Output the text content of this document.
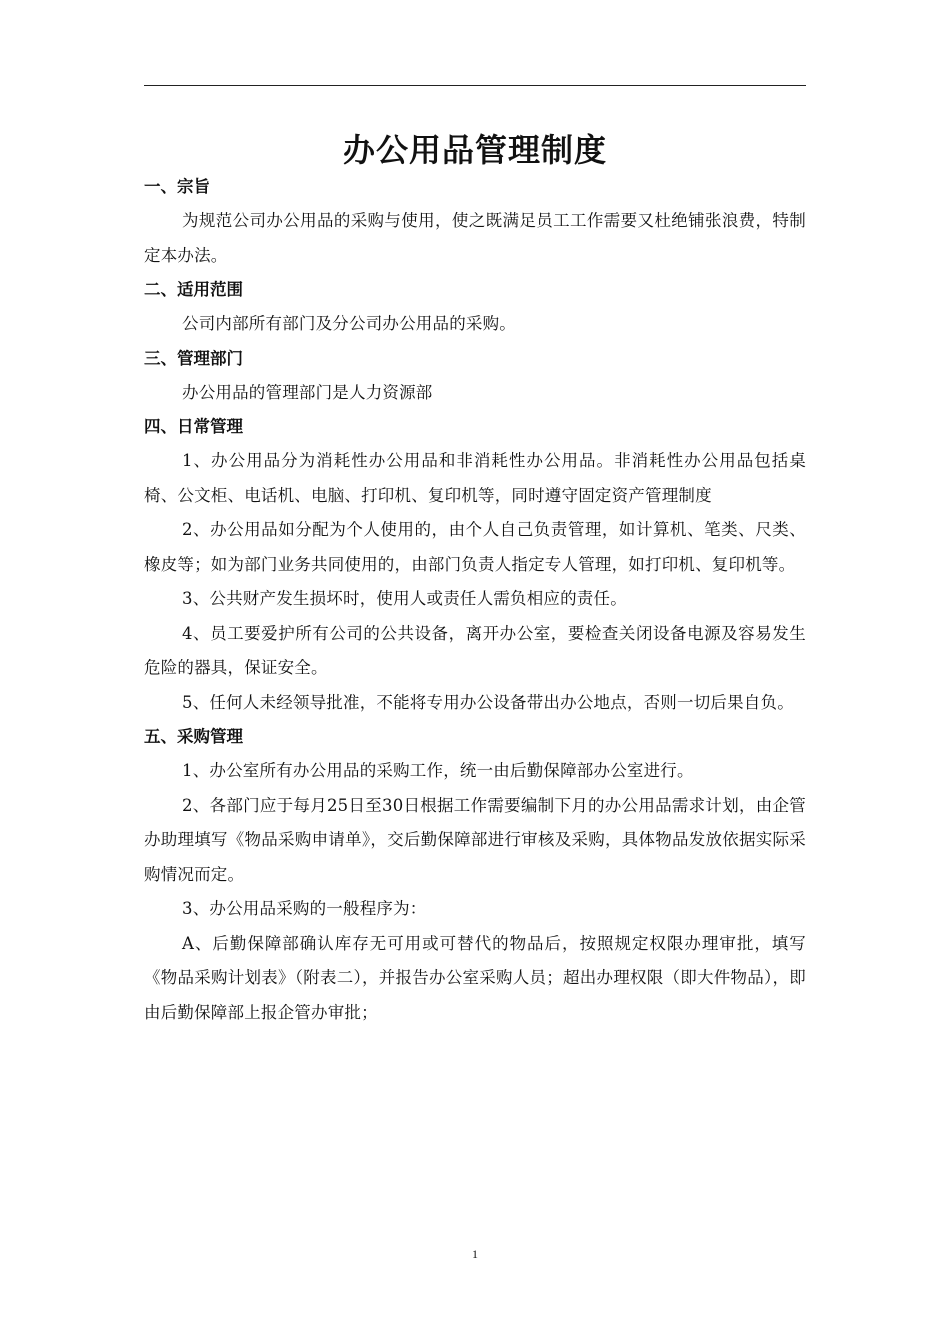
办公用品管理制度
一、宗旨
为规范公司办公用品的采购与使用，使之既满足员工工作需要又杜绝铺张浪费，特制定本办法。
二、适用范围
公司内部所有部门及分公司办公用品的采购。
三、管理部门
办公用品的管理部门是人力资源部
四、日常管理
1、办公用品分为消耗性办公用品和非消耗性办公用品。非消耗性办公用品包括桌椅、公文柜、电话机、电脑、打印机、复印机等，同时遵守固定资产管理制度
2、办公用品如分配为个人使用的，由个人自己负责管理，如计算机、笔类、尺类、橡皮等；如为部门业务共同使用的，由部门负责人指定专人管理，如打印机、复印机等。
3、公共财产发生损坏时，使用人或责任人需负相应的责任。
4、员工要爱护所有公司的公共设备，离开办公室，要检查关闭设备电源及容易发生危险的器具，保证安全。
5、任何人未经领导批准，不能将专用办公设备带出办公地点，否则一切后果自负。
五、采购管理
1、办公室所有办公用品的采购工作，统一由后勤保障部办公室进行。
2、各部门应于每月25日至30日根据工作需要编制下月的办公用品需求计划，由企管办助理填写《物品采购申请单》，交后勤保障部进行审核及采购，具体物品发放依据实际采购情况而定。
3、办公用品采购的一般程序为：
A、后勤保障部确认库存无可用或可替代的物品后，按照规定权限办理审批，填写《物品采购计划表》（附表二），并报告办公室采购人员；超出办理权限（即大件物品），即由后勤保障部上报企管办审批；
1
